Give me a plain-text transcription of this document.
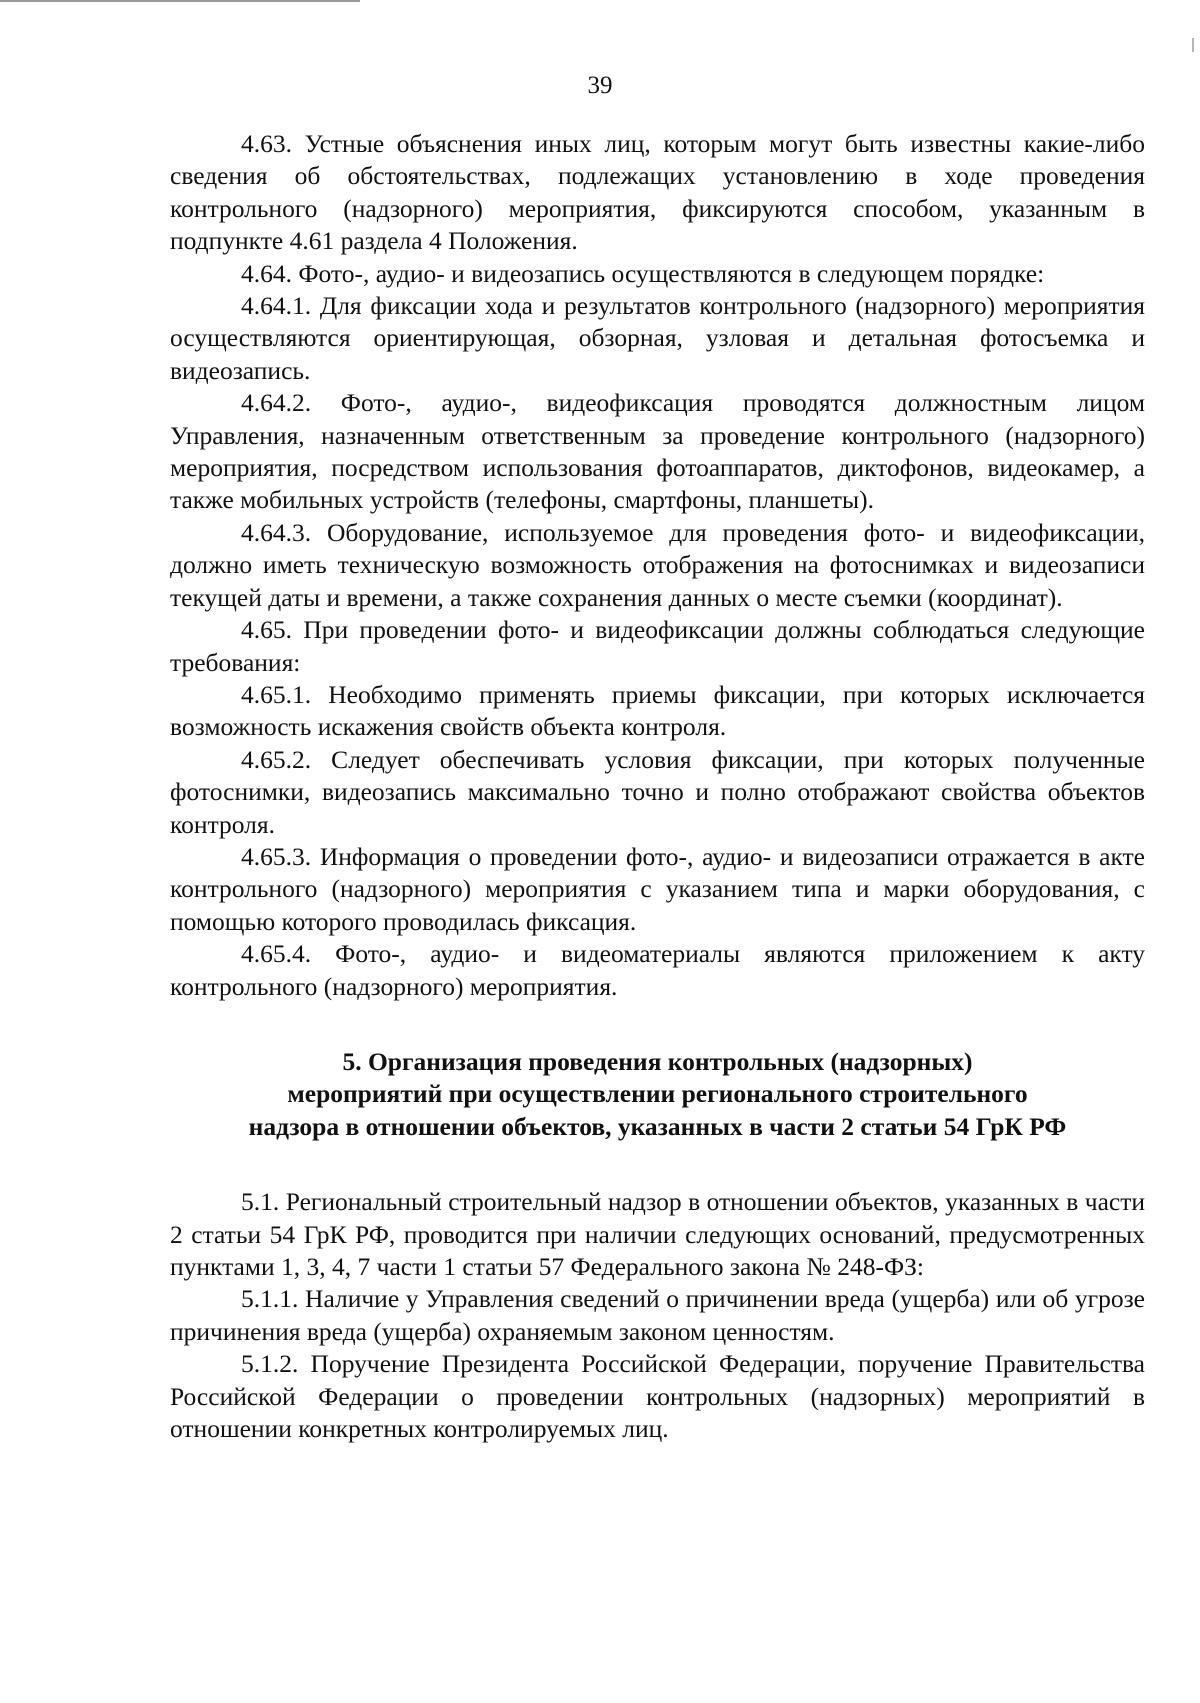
39

4.63. Устные объяснения иных лиц, которым могут быть известны какие-либо сведения об обстоятельствах, подлежащих установлению в ходе проведения контрольного (надзорного) мероприятия, фиксируются способом, указанным в подпункте 4.61 раздела 4 Положения.

4.64. Фото-, аудио- и видеозапись осуществляются в следующем порядке:

4.64.1. Для фиксации хода и результатов контрольного (надзорного) мероприятия осуществляются ориентирующая, обзорная, узловая и детальная фотосъемка и видеозапись.

4.64.2. Фото-, аудио-, видеофиксация проводятся должностным лицом Управления, назначенным ответственным за проведение контрольного (надзорного) мероприятия, посредством использования фотоаппаратов, диктофонов, видеокамер, а также мобильных устройств (телефоны, смартфоны, планшеты).

4.64.3. Оборудование, используемое для проведения фото- и видеофиксации, должно иметь техническую возможность отображения на фотоснимках и видеозаписи текущей даты и времени, а также сохранения данных о месте съемки (координат).

4.65. При проведении фото- и видеофиксации должны соблюдаться следующие требования:

4.65.1. Необходимо применять приемы фиксации, при которых исключается возможность искажения свойств объекта контроля.

4.65.2. Следует обеспечивать условия фиксации, при которых полученные фотоснимки, видеозапись максимально точно и полно отображают свойства объектов контроля.

4.65.3. Информация о проведении фото-, аудио- и видеозаписи отражается в акте контрольного (надзорного) мероприятия с указанием типа и марки оборудования, с помощью которого проводилась фиксация.

4.65.4. Фото-, аудио- и видеоматериалы являются приложением к акту контрольного (надзорного) мероприятия.

5. Организация проведения контрольных (надзорных)
мероприятий при осуществлении регионального строительного
надзора в отношении объектов, указанных в части 2 статьи 54 ГрК РФ

5.1. Региональный строительный надзор в отношении объектов, указанных в части 2 статьи 54 ГрК РФ, проводится при наличии следующих оснований, предусмотренных пунктами 1, 3, 4, 7 части 1 статьи 57 Федерального закона № 248-ФЗ:

5.1.1. Наличие у Управления сведений о причинении вреда (ущерба) или об угрозе причинения вреда (ущерба) охраняемым законом ценностям.

5.1.2. Поручение Президента Российской Федерации, поручение Правительства Российской Федерации о проведении контрольных (надзорных) мероприятий в отношении конкретных контролируемых лиц.
